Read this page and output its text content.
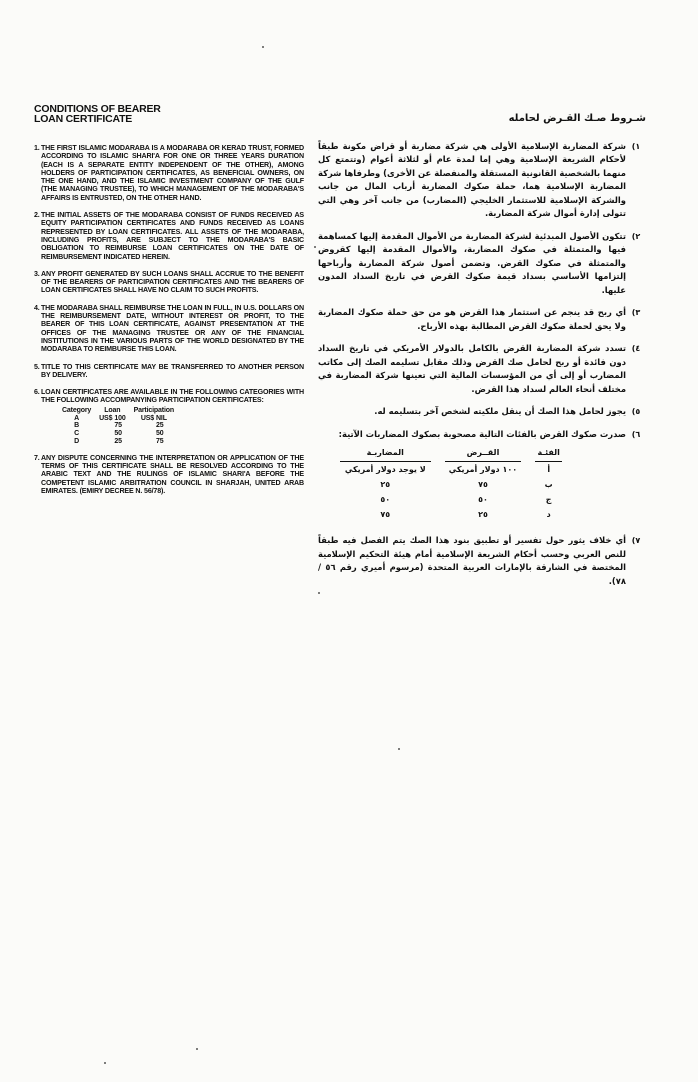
CONDITIONS OF BEARER
LOAN CERTIFICATE
1. THE FIRST ISLAMIC MODARABA IS A MODARABA OR KERAD TRUST, FORMED ACCORDING TO ISLAMIC SHARI'A FOR ONE OR THREE YEARS DURATION (EACH IS A SEPARATE ENTITY INDEPENDENT OF THE OTHER), AMONG HOLDERS OF PARTICIPATION CERTIFICATES, AS BENEFICIAL OWNERS, ON THE ONE HAND, AND THE ISLAMIC INVESTMENT COMPANY OF THE GULF (THE MANAGING TRUSTEE), TO WHICH MANAGEMENT OF THE MODARABA'S AFFAIRS IS ENTRUSTED, ON THE OTHER HAND.
2. THE INITIAL ASSETS OF THE MODARABA CONSIST OF FUNDS RECEIVED AS EQUITY PARTICIPATION CERTIFICATES AND FUNDS RECEIVED AS LOANS REPRESENTED BY LOAN CERTIFICATES. ALL ASSETS OF THE MODARABA, INCLUDING PROFITS, ARE SUBJECT TO THE MODARABA'S BASIC OBLIGATION TO REIMBURSE LOAN CERTIFICATES ON THE DATE OF REIMBURSEMENT INDICATED HEREIN.
3. ANY PROFIT GENERATED BY SUCH LOANS SHALL ACCRUE TO THE BENEFIT OF THE BEARERS OF PARTICIPATION CERTIFICATES AND THE BEARERS OF LOAN CERTIFICATES SHALL HAVE NO CLAIM TO SUCH PROFITS.
4. THE MODARABA SHALL REIMBURSE THE LOAN IN FULL, IN U.S. DOLLARS ON THE REIMBURSEMENT DATE, WITHOUT INTEREST OR PROFIT, TO THE BEARER OF THIS LOAN CERTIFICATE, AGAINST PRESENTATION AT THE OFFICES OF THE MANAGING TRUSTEE OR ANY OF THE FINANCIAL INSTITUTIONS IN THE VARIOUS PARTS OF THE WORLD DESIGNATED BY THE MODARABA TO REIMBURSE THIS LOAN.
5. TITLE TO THIS CERTIFICATE MAY BE TRANSFERRED TO ANOTHER PERSON BY DELIVERY.
6. LOAN CERTIFICATES ARE AVAILABLE IN THE FOLLOWING CATEGORIES WITH THE FOLLOWING ACCOMPANYING PARTICIPATION CERTIFICATES:
Category	Loan		Participation	
A	US$	100	US$	NIL
B		75		25
C		50		50
D		25		75
7. ANY DISPUTE CONCERNING THE INTERPRETATION OR APPLICATION OF THE TERMS OF THIS CERTIFICATE SHALL BE RESOLVED ACCORDING TO THE ARABIC TEXT AND THE RULINGS OF ISLAMIC SHARI'A BEFORE THE COMPETENT ISLAMIC ARBITRATION COUNCIL IN SHARJAH, UNITED ARAB EMIRATES. (EMIRY DECREE N. 56/78).
شـروط صـك القـرض لحامله
١)
شركة المضاربة الإسلامية الأولى هي شركة مضاربة أو قراض مكونة طبقاً لأحكام الشريعة الإسلامية وهي إما لمدة عام أو لثلاثة أعوام (وتتمتع كل منهما بالشخصية القانونية المستقلة والمنفصلة عن الأخرى) وطرفاها شركة المضاربة الإسلامية هما، حملة صكوك المضاربة أرباب المال من جانب والشركة الإسلامية للاستثمار الخليجي (المضارب) من جانب آخر وهي التي تتولى إدارة أموال شركة المضاربة.
٢)
تتكون الأصول المبدئية لشركة المضاربة من الأموال المقدمة إليها كمساهمة فيها والمتمثلة في صكوك المضاربة، والأموال المقدمة إليها كقروض والمتمثلة في صكوك القرض. وتضمن أصول شركة المضاربة وأرباحها إلتزامها الأساسي بسداد قيمة صكوك القرض في تاريخ السداد المدون عليها.
٣)
أي ربح قد ينجم عن استثمار هذا القرض هو من حق حملة صكوك المضاربة ولا يحق لحملة صكوك القرض المطالبة بهذه الأرباح.
٤)
تسدد شركة المضاربة القرض بالكامل بالدولار الأمريكي في تاريخ السداد دون فائدة أو ربح لحامل صك القرض وذلك مقابل تسليمه الصك إلى مكاتب المضارب أو إلى أي من المؤسسات المالية التي تعينها شركة المضاربة في مختلف أنحاء العالم لسداد هذا القرض.
٥)
يجوز لحامل هذا الصك أن ينقل ملكيته لشخص آخر بتسليمه له.
٦)
صدرت صكوك القرض بالفئات التالية مصحوبة بصكوك المضاربات الآتية:
الفئـة	القــرض	المضاربـة
أ	١٠٠ دولار أمريكي	لا يوجد دولار أمريكي
ب	٧٥	٢٥
ج	٥٠	٥٠
د	٢٥	٧٥
٧)
أي خلاف يثور حول تفسير أو تطبيق بنود هذا الصك يتم الفصل فيه طبقاً للنص العربي وحسب أحكام الشريعة الإسلامية أمام هيئة التحكيم الإسلامية المختصة في الشارقة بالإمارات العربية المتحدة (مرسوم أميري رقم ٥٦ / ٧٨).
